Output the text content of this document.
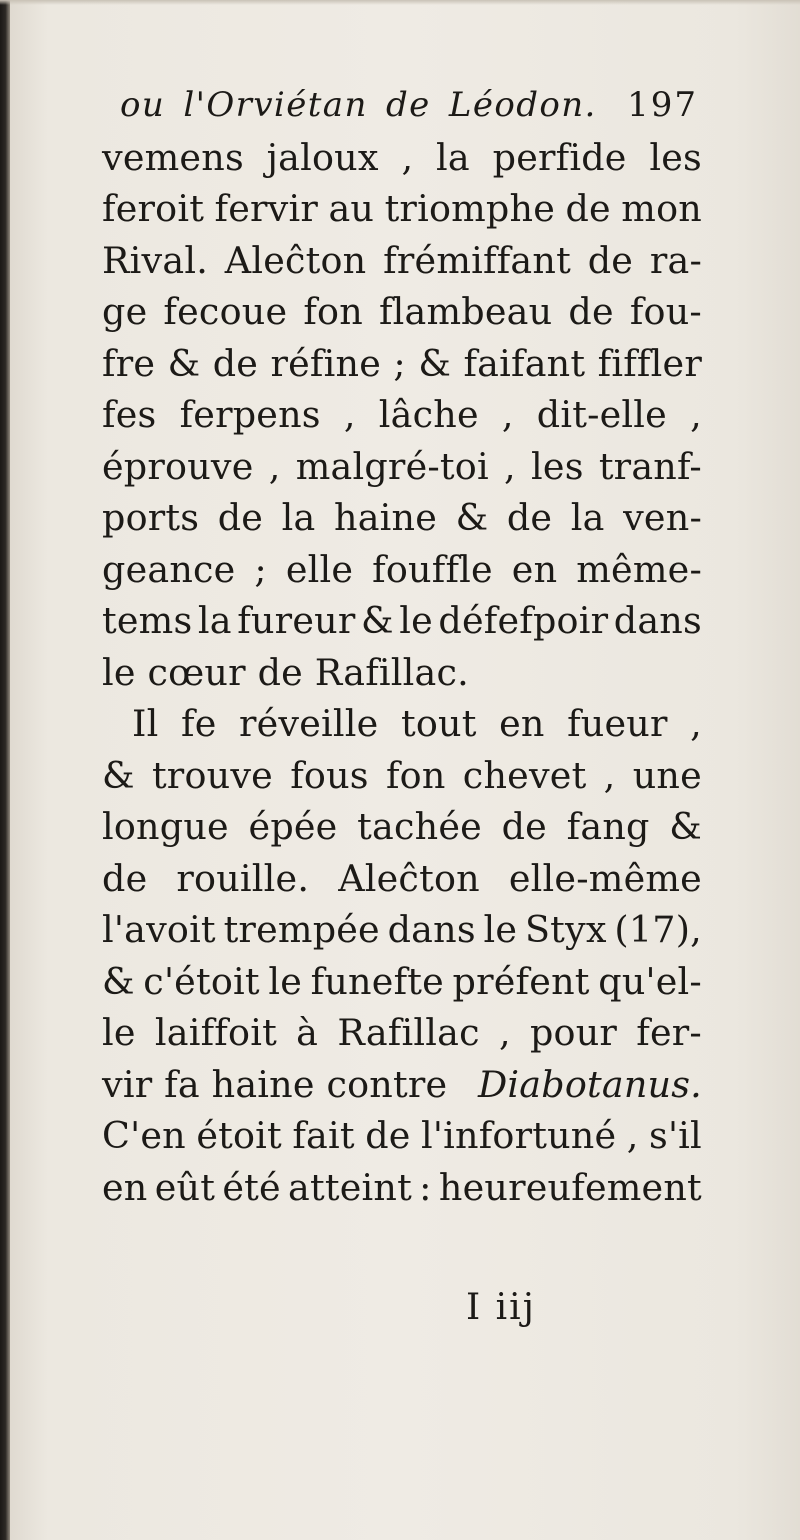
ou l'Orviétan de Léodon. 197
vemens jaloux , la perfide les
feroit fervir au triomphe de mon
Rival. Aleĉton frémiffant de ra-
ge fecoue fon flambeau de fou-
fre & de réfine ; & faifant fiffler
fes ferpens , lâche , dit-elle ,
éprouve , malgré-toi , les tranf-
ports de la haine & de la ven-
geance ; elle fouffle en même-
tems la fureur & le défefpoir dans
le cœur de Rafillac.
Il fe réveille tout en fueur ,
& trouve fous fon chevet , une
longue épée tachée de fang &
de rouille. Aleĉton elle-même
l'avoit trempée dans le Styx (17),
& c'étoit le funefte préfent qu'el-
le laiffoit à Rafillac , pour fer-
vir fa haine contre Diabotanus.
C'en étoit fait de l'infortuné , s'il
en eût été atteint : heureufement
I iij
